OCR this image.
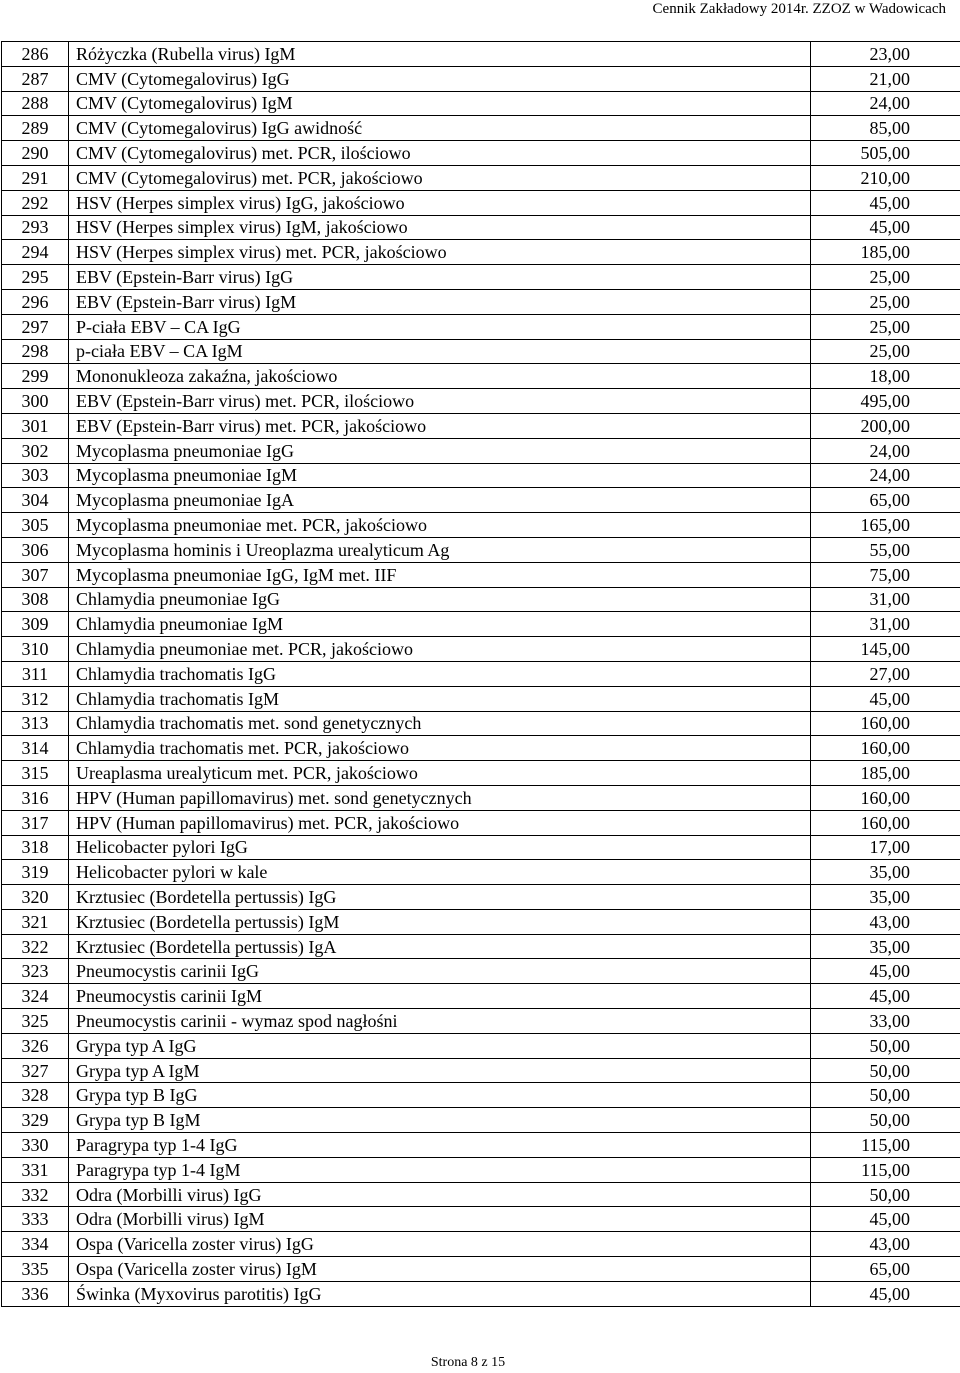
Cennik Zakładowy 2014r. ZZOZ w Wadowicach
286	Różyczka (Rubella virus) IgM	23,00
287	CMV (Cytomegalovirus) IgG	21,00
288	CMV (Cytomegalovirus) IgM	24,00
289	CMV (Cytomegalovirus) IgG awidność	85,00
290	CMV (Cytomegalovirus) met. PCR, ilościowo	505,00
291	CMV (Cytomegalovirus) met. PCR, jakościowo	210,00
292	HSV (Herpes simplex virus) IgG, jakościowo	45,00
293	HSV (Herpes simplex virus) IgM, jakościowo	45,00
294	HSV (Herpes simplex virus) met. PCR, jakościowo	185,00
295	EBV (Epstein-Barr virus) IgG	25,00
296	EBV (Epstein-Barr virus) IgM	25,00
297	P-ciała EBV – CA IgG	25,00
298	p-ciała EBV – CA IgM	25,00
299	Mononukleoza zakaźna, jakościowo	18,00
300	EBV (Epstein-Barr virus) met. PCR, ilościowo	495,00
301	EBV (Epstein-Barr virus) met. PCR, jakościowo	200,00
302	Mycoplasma pneumoniae IgG	24,00
303	Mycoplasma pneumoniae IgM	24,00
304	Mycoplasma pneumoniae IgA	65,00
305	Mycoplasma pneumoniae met. PCR, jakościowo	165,00
306	Mycoplasma hominis i Ureoplazma urealyticum Ag	55,00
307	Mycoplasma pneumoniae IgG, IgM met. IIF	75,00
308	Chlamydia pneumoniae IgG	31,00
309	Chlamydia pneumoniae IgM	31,00
310	Chlamydia pneumoniae met. PCR, jakościowo	145,00
311	Chlamydia trachomatis IgG	27,00
312	Chlamydia trachomatis IgM	45,00
313	Chlamydia trachomatis met. sond genetycznych	160,00
314	Chlamydia trachomatis met. PCR, jakościowo	160,00
315	Ureaplasma urealyticum met. PCR, jakościowo	185,00
316	HPV (Human papillomavirus) met. sond genetycznych	160,00
317	HPV (Human papillomavirus) met. PCR, jakościowo	160,00
318	Helicobacter pylori IgG	17,00
319	Helicobacter pylori w kale	35,00
320	Krztusiec (Bordetella pertussis) IgG	35,00
321	Krztusiec (Bordetella pertussis) IgM	43,00
322	Krztusiec (Bordetella pertussis) IgA	35,00
323	Pneumocystis carinii IgG	45,00
324	Pneumocystis carinii IgM	45,00
325	Pneumocystis carinii - wymaz spod nagłośni	33,00
326	Grypa typ A IgG	50,00
327	Grypa typ A IgM	50,00
328	Grypa typ B IgG	50,00
329	Grypa typ B IgM	50,00
330	Paragrypa typ 1-4 IgG	115,00
331	Paragrypa typ 1-4 IgM	115,00
332	Odra (Morbilli virus) IgG	50,00
333	Odra (Morbilli virus) IgM	45,00
334	Ospa (Varicella zoster virus) IgG	43,00
335	Ospa (Varicella zoster virus) IgM	65,00
336	Świnka (Myxovirus parotitis) IgG	45,00
Strona 8 z 15
